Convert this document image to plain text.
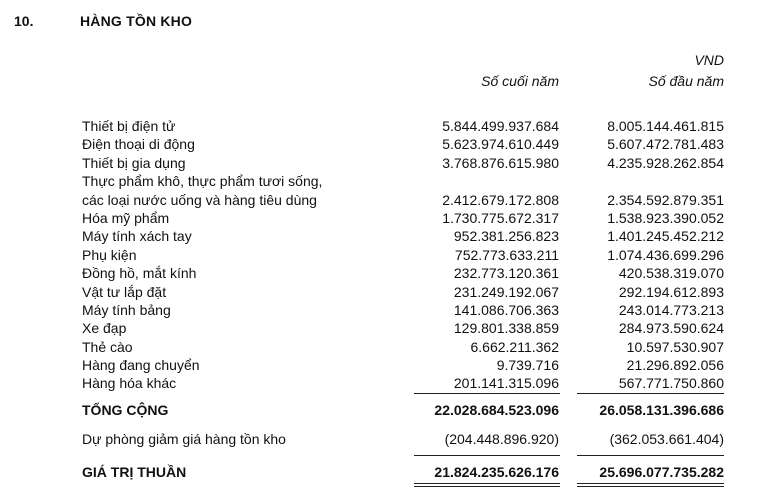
10.	HÀNG TỒN KHO
VND
Số cuối năm	Số đầu năm
Thiết bị điện tử	5.844.499.937.684	8.005.144.461.815
Điện thoại di động	5.623.974.610.449	5.607.472.781.483
Thiết bị gia dụng	3.768.876.615.980	4.235.928.262.854
Thực phẩm khô, thực phẩm tươi sống,
các loại nước uống và hàng tiêu dùng	2.412.679.172.808	2.354.592.879.351
Hóa mỹ phẩm	1.730.775.672.317	1.538.923.390.052
Máy tính xách tay	952.381.256.823	1.401.245.452.212
Phụ kiện	752.773.633.211	1.074.436.699.296
Đồng hồ, mắt kính	232.773.120.361	420.538.319.070
Vật tư lắp đặt	231.249.192.067	292.194.612.893
Máy tính bảng	141.086.706.363	243.014.773.213
Xe đạp	129.801.338.859	284.973.590.624
Thẻ cào	6.662.211.362	10.597.530.907
Hàng đang chuyển	9.739.716	21.296.892.056
Hàng hóa khác	201.141.315.096	567.771.750.860
TỔNG CỘNG	22.028.684.523.096	26.058.131.396.686
Dự phòng giảm giá hàng tồn kho	(204.448.896.920)	(362.053.661.404)
GIÁ TRỊ THUẦN	21.824.235.626.176	25.696.077.735.282
